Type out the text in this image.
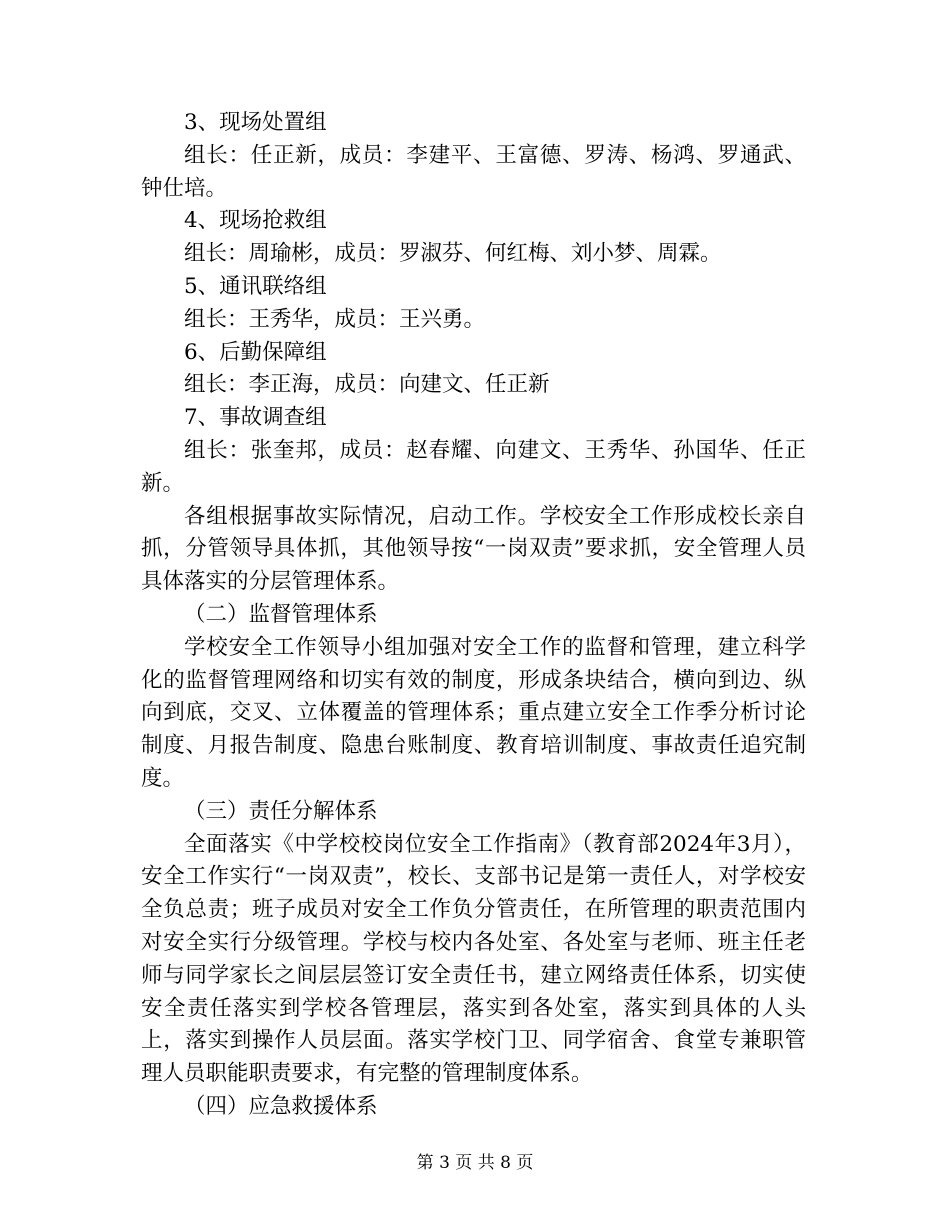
3、现场处置组

组长：任正新，成员：李建平、王富德、罗涛、杨鸿、罗通武、钟仕培。

4、现场抢救组

组长：周瑜彬，成员：罗淑芬、何红梅、刘小梦、周霖。

5、通讯联络组

组长：王秀华，成员：王兴勇。

6、后勤保障组

组长：李正海，成员：向建文、任正新

7、事故调查组

组长：张奎邦，成员：赵春耀、向建文、王秀华、孙国华、任正新。

各组根据事故实际情况，启动工作。学校安全工作形成校长亲自抓，分管领导具体抓，其他领导按“一岗双责”要求抓，安全管理人员具体落实的分层管理体系。

（二）监督管理体系

学校安全工作领导小组加强对安全工作的监督和管理，建立科学化的监督管理网络和切实有效的制度，形成条块结合，横向到边、纵向到底，交叉、立体覆盖的管理体系；重点建立安全工作季分析讨论制度、月报告制度、隐患台账制度、教育培训制度、事故责任追究制度。

（三）责任分解体系

全面落实《中学校校岗位安全工作指南》（教育部2024年3月），安全工作实行“一岗双责”，校长、支部书记是第一责任人，对学校安全负总责；班子成员对安全工作负分管责任，在所管理的职责范围内对安全实行分级管理。学校与校内各处室、各处室与老师、班主任老师与同学家长之间层层签订安全责任书，建立网络责任体系，切实使安全责任落实到学校各管理层，落实到各处室，落实到具体的人头上，落实到操作人员层面。落实学校门卫、同学宿舍、食堂专兼职管理人员职能职责要求，有完整的管理制度体系。

（四）应急救援体系

第 3 页 共 8 页
